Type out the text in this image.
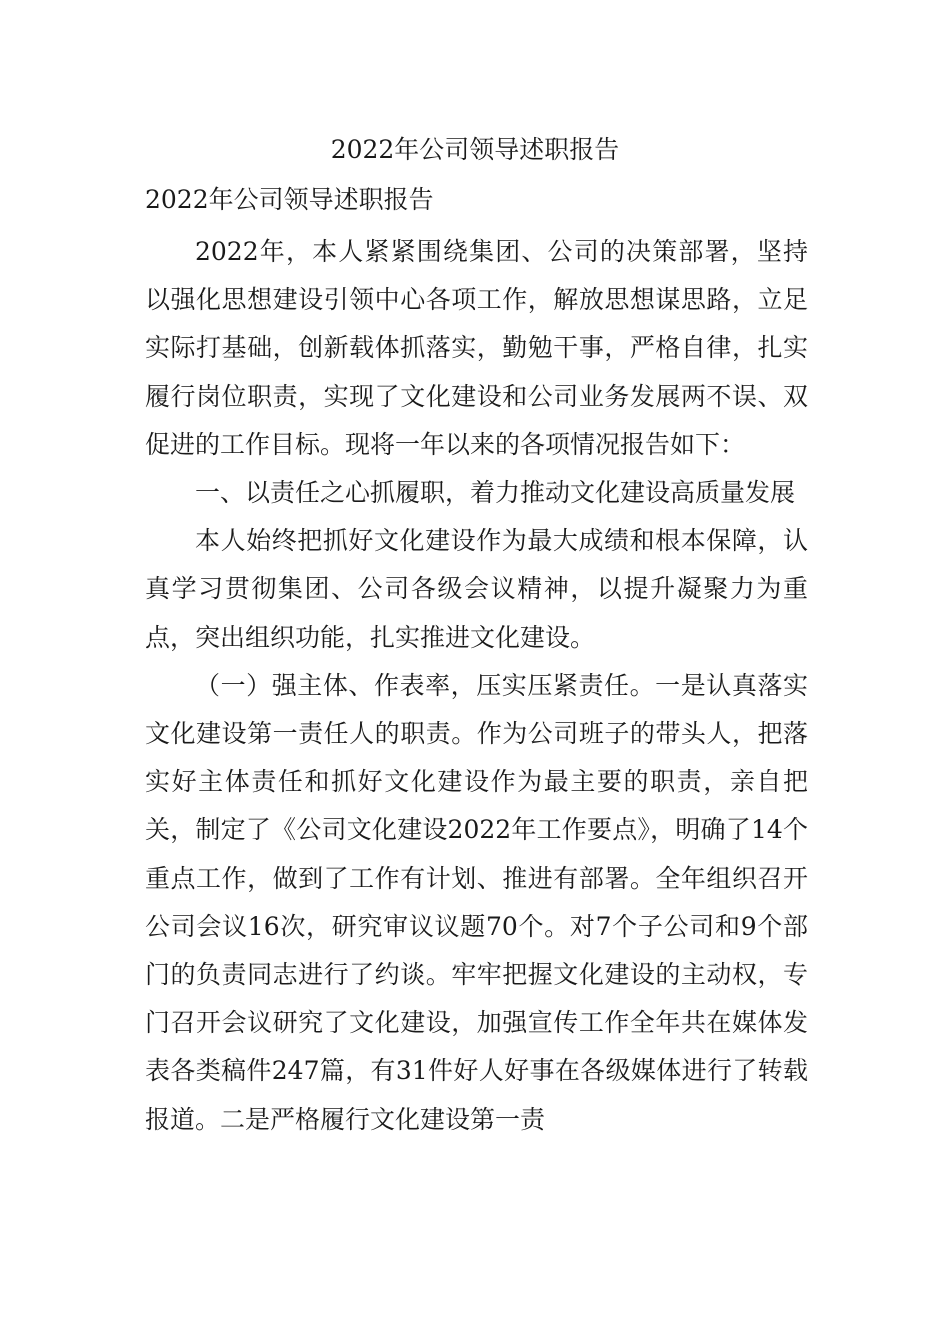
2022年公司领导述职报告
2022年公司领导述职报告

2022年，本人紧紧围绕集团、公司的决策部署，坚持以强化思想建设引领中心各项工作，解放思想谋思路，立足实际打基础，创新载体抓落实，勤勉干事，严格自律，扎实履行岗位职责，实现了文化建设和公司业务发展两不误、双促进的工作目标。现将一年以来的各项情况报告如下：

一、以责任之心抓履职，着力推动文化建设高质量发展

本人始终把抓好文化建设作为最大成绩和根本保障，认真学习贯彻集团、公司各级会议精神，以提升凝聚力为重点，突出组织功能，扎实推进文化建设。

（一）强主体、作表率，压实压紧责任。一是认真落实文化建设第一责任人的职责。作为公司班子的带头人，把落实好主体责任和抓好文化建设作为最主要的职责，亲自把关，制定了《公司文化建设2022年工作要点》，明确了14个重点工作，做到了工作有计划、推进有部署。全年组织召开公司会议16次，研究审议议题70个。对7个子公司和9个部门的负责同志进行了约谈。牢牢把握文化建设的主动权，专门召开会议研究了文化建设，加强宣传工作全年共在媒体发表各类稿件247篇，有31件好人好事在各级媒体进行了转载报道。二是严格履行文化建设第一责
